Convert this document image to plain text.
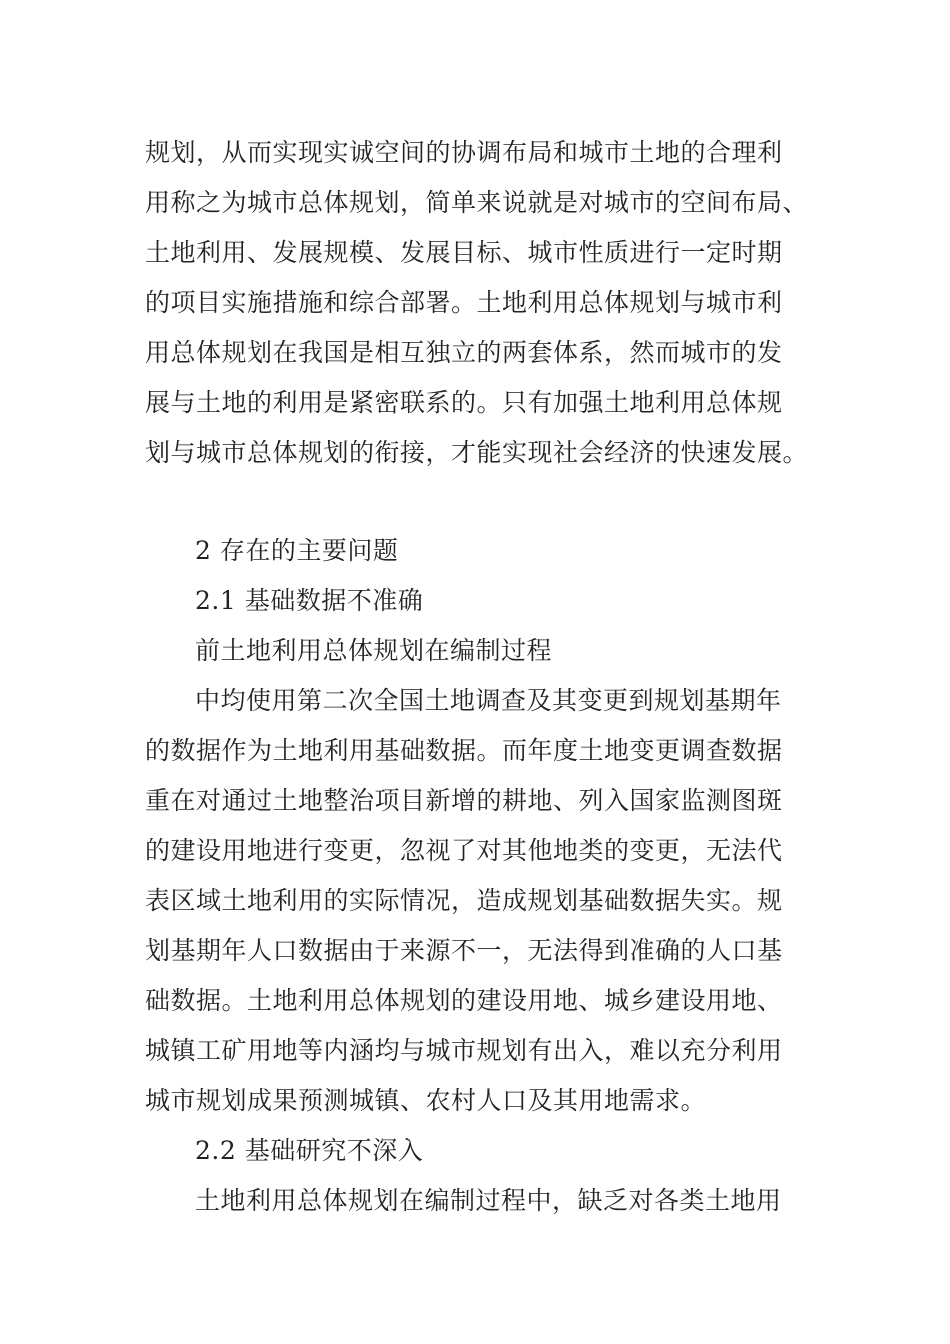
规划，从而实现实诚空间的协调布局和城市土地的合理利
用称之为城市总体规划，简单来说就是对城市的空间布局、
土地利用、发展规模、发展目标、城市性质进行一定时期
的项目实施措施和综合部署。土地利用总体规划与城市利
用总体规划在我国是相互独立的两套体系，然而城市的发
展与土地的利用是紧密联系的。只有加强土地利用总体规
划与城市总体规划的衔接，才能实现社会经济的快速发展。
2 存在的主要问题
2.1 基础数据不准确
前土地利用总体规划在编制过程
中均使用第二次全国土地调查及其变更到规划基期年
的数据作为土地利用基础数据。而年度土地变更调查数据
重在对通过土地整治项目新增的耕地、列入国家监测图斑
的建设用地进行变更，忽视了对其他地类的变更，无法代
表区域土地利用的实际情况，造成规划基础数据失实。规
划基期年人口数据由于来源不一，无法得到准确的人口基
础数据。土地利用总体规划的建设用地、城乡建设用地、
城镇工矿用地等内涵均与城市规划有出入，难以充分利用
城市规划成果预测城镇、农村人口及其用地需求。
2.2 基础研究不深入
土地利用总体规划在编制过程中，缺乏对各类土地用
